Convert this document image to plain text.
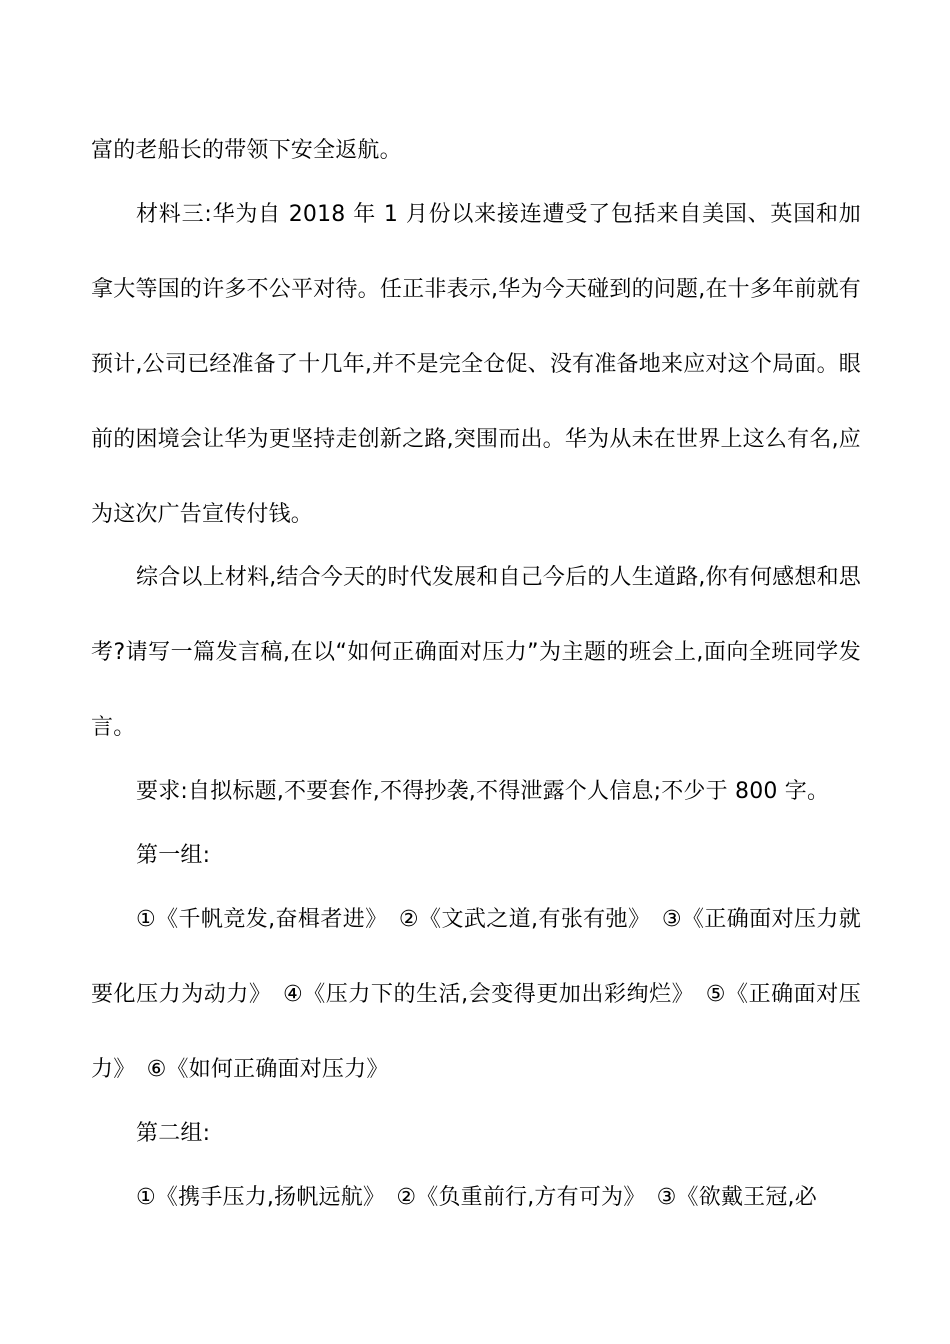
富的老船长的带领下安全返航。

材料三:华为自 2018 年 1 月份以来接连遭受了包括来自美国、英国和加拿大等国的许多不公平对待。任正非表示,华为今天碰到的问题,在十多年前就有预计,公司已经准备了十几年,并不是完全仓促、没有准备地来应对这个局面。眼前的困境会让华为更坚持走创新之路,突围而出。华为从未在世界上这么有名,应为这次广告宣传付钱。

综合以上材料,结合今天的时代发展和自己今后的人生道路,你有何感想和思考?请写一篇发言稿,在以“如何正确面对压力”为主题的班会上,面向全班同学发言。

要求:自拟标题,不要套作,不得抄袭,不得泄露个人信息;不少于 800 字。

第一组:

①《千帆竞发,奋楫者进》　②《文武之道,有张有弛》　③《正确面对压力就要化压力为动力》　④《压力下的生活,会变得更加出彩绚烂》　⑤《正确面对压力》　⑥《如何正确面对压力》

第二组:

①《携手压力,扬帆远航》　②《负重前行,方有可为》　③《欲戴王冠,必
